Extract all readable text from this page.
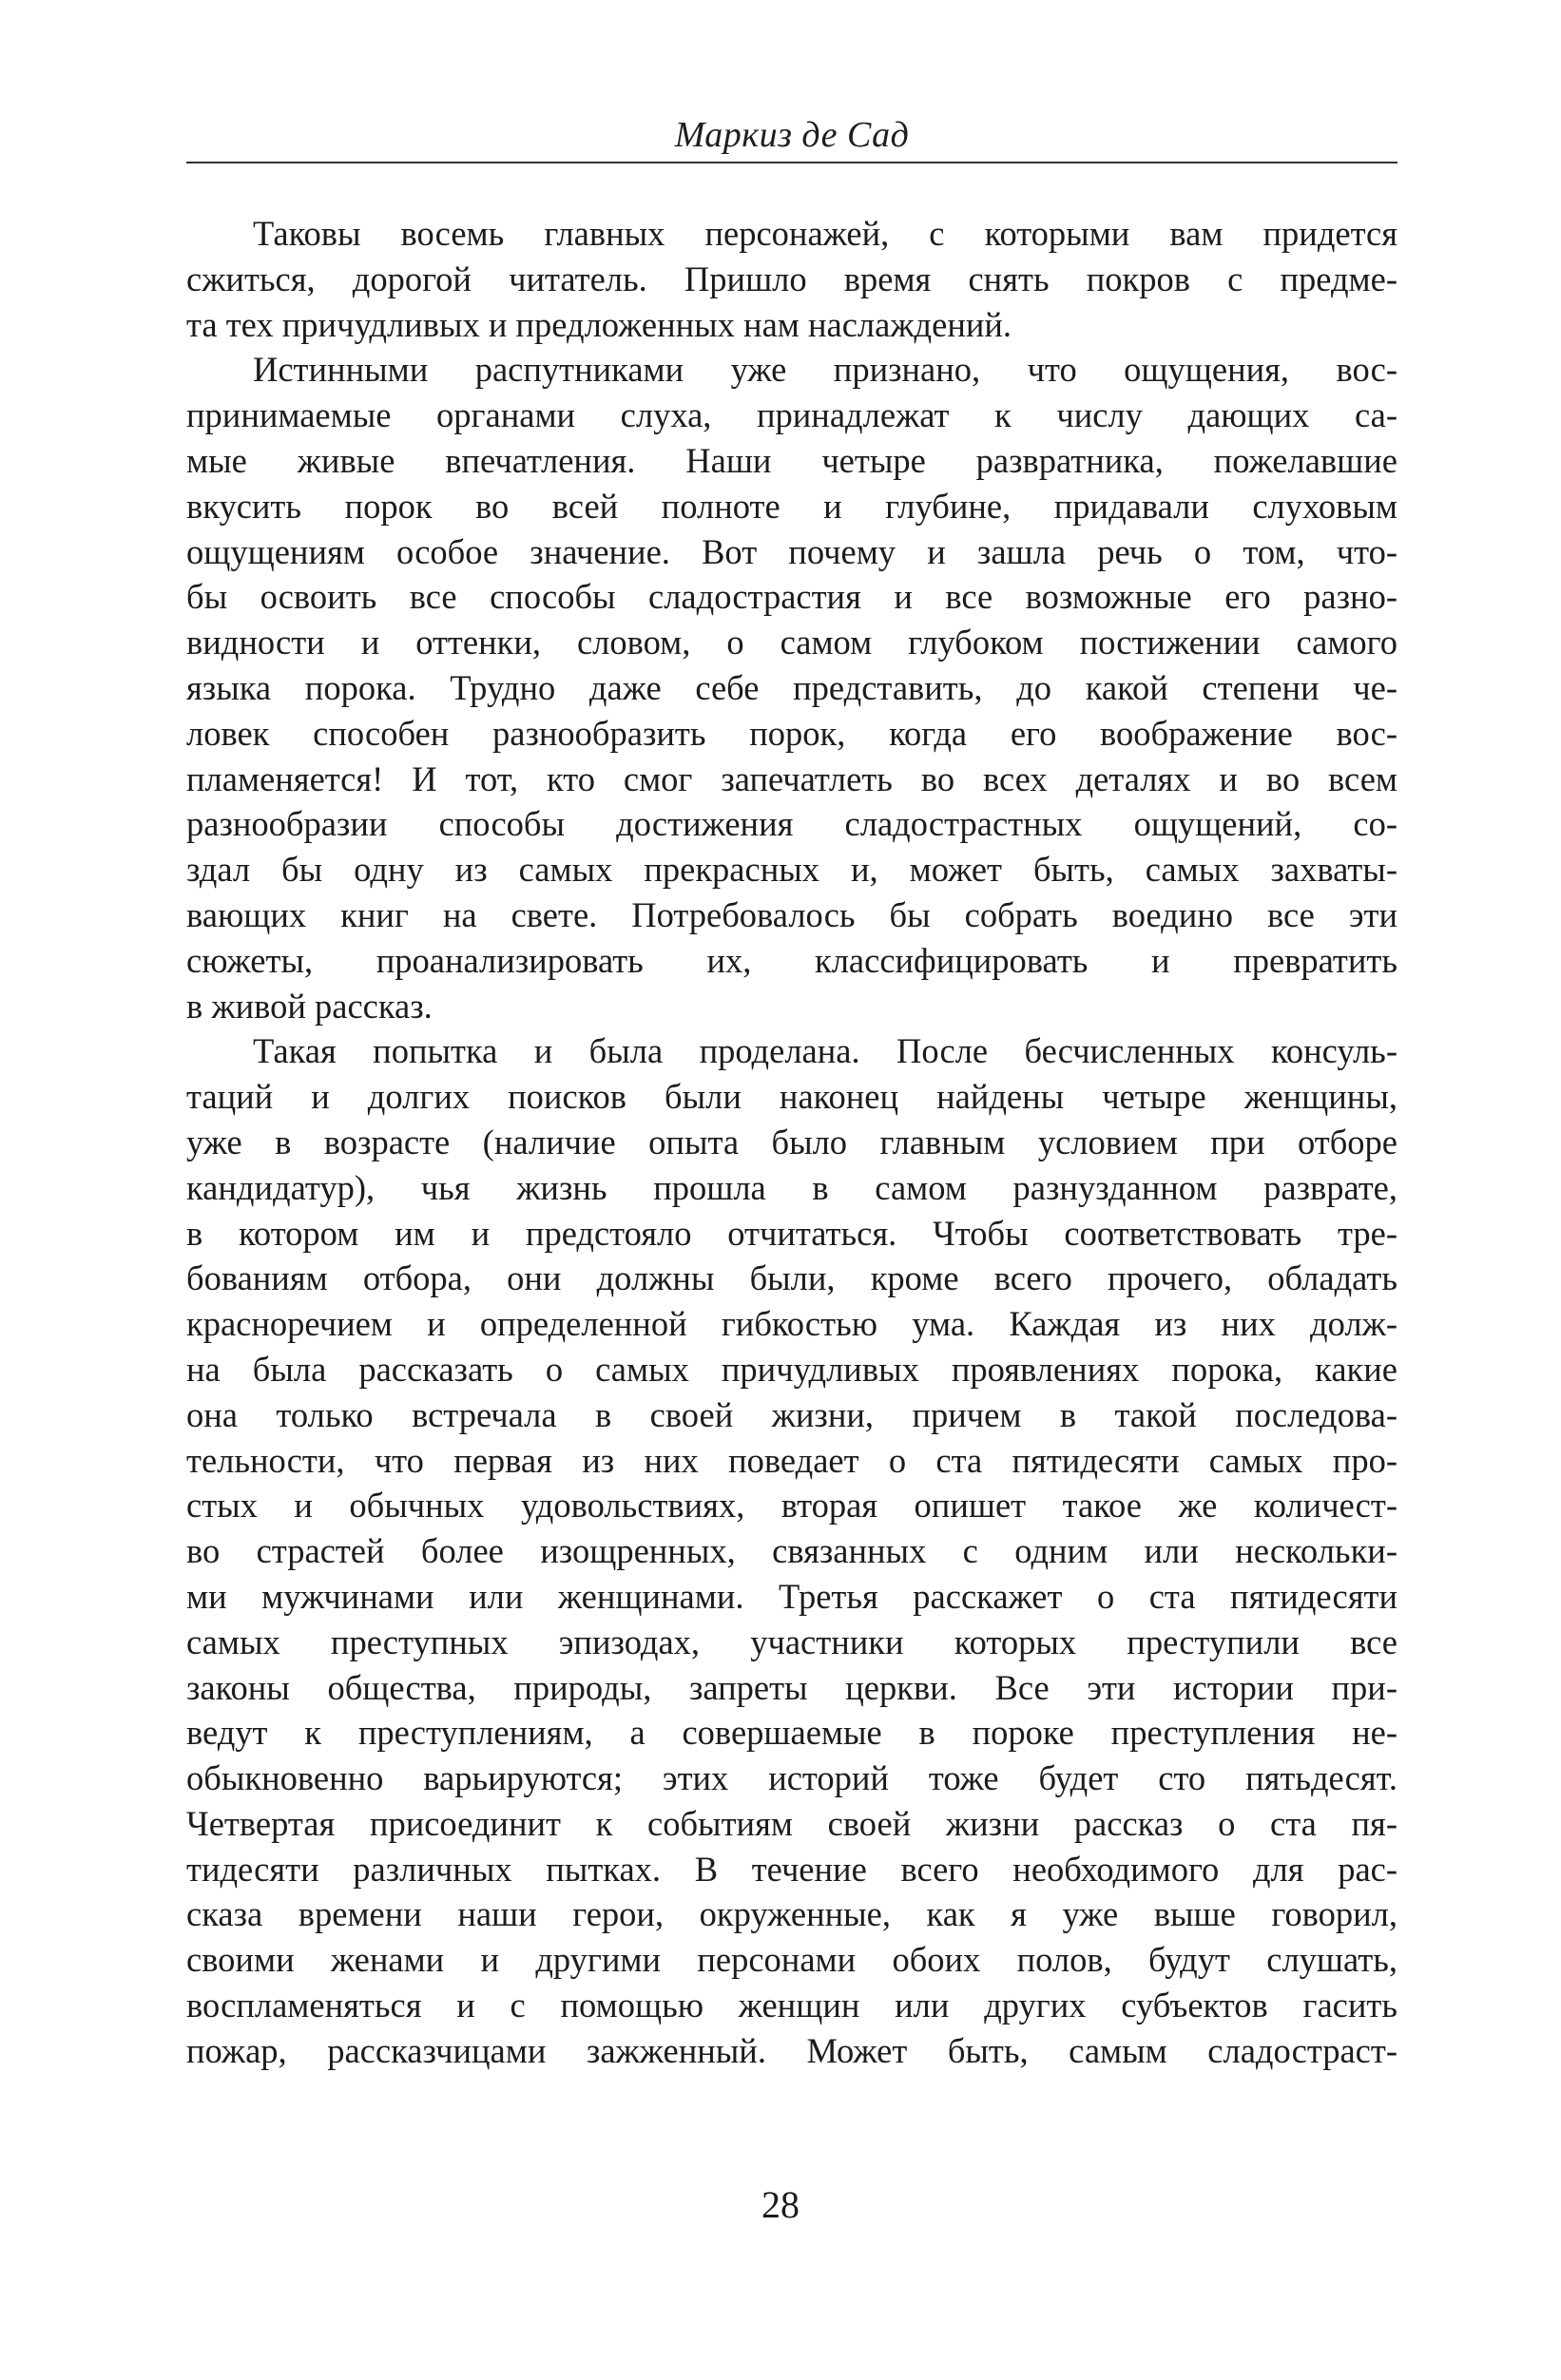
Маркиз де Сад
Таковы восемь главных персонажей, с которыми вам придется
сжиться, дорогой читатель. Пришло время снять покров с предме-
та тех причудливых и предложенных нам наслаждений.
Истинными распутниками уже признано, что ощущения, вос-
принимаемые органами слуха, принадлежат к числу дающих са-
мые живые впечатления. Наши четыре развратника, пожелавшие
вкусить порок во всей полноте и глубине, придавали слуховым
ощущениям особое значение. Вот почему и зашла речь о том, что-
бы освоить все способы сладострастия и все возможные его разно-
видности и оттенки, словом, о самом глубоком постижении самого
языка порока. Трудно даже себе представить, до какой степени че-
ловек способен разнообразить порок, когда его воображение вос-
пламеняется! И тот, кто смог запечатлеть во всех деталях и во всем
разнообразии способы достижения сладострастных ощущений, со-
здал бы одну из самых прекрасных и, может быть, самых захваты-
вающих книг на свете. Потребовалось бы собрать воедино все эти
сюжеты, проанализировать их, классифицировать и превратить
в живой рассказ.
Такая попытка и была проделана. После бесчисленных консуль-
таций и долгих поисков были наконец найдены четыре женщины,
уже в возрасте (наличие опыта было главным условием при отборе
кандидатур), чья жизнь прошла в самом разнузданном разврате,
в котором им и предстояло отчитаться. Чтобы соответствовать тре-
бованиям отбора, они должны были, кроме всего прочего, обладать
красноречием и определенной гибкостью ума. Каждая из них долж-
на была рассказать о самых причудливых проявлениях порока, какие
она только встречала в своей жизни, причем в такой последова-
тельности, что первая из них поведает о ста пятидесяти самых про-
стых и обычных удовольствиях, вторая опишет такое же количест-
во страстей более изощренных, связанных с одним или нескольки-
ми мужчинами или женщинами. Третья расскажет о ста пятидесяти
самых преступных эпизодах, участники которых преступили все
законы общества, природы, запреты церкви. Все эти истории при-
ведут к преступлениям, а совершаемые в пороке преступления не-
обыкновенно варьируются; этих историй тоже будет сто пятьдесят.
Четвертая присоединит к событиям своей жизни рассказ о ста пя-
тидесяти различных пытках. В течение всего необходимого для рас-
сказа времени наши герои, окруженные, как я уже выше говорил,
своими женами и другими персонами обоих полов, будут слушать,
воспламеняться и с помощью женщин или других субъектов гасить
пожар, рассказчицами зажженный. Может быть, самым сладостраст-
28
